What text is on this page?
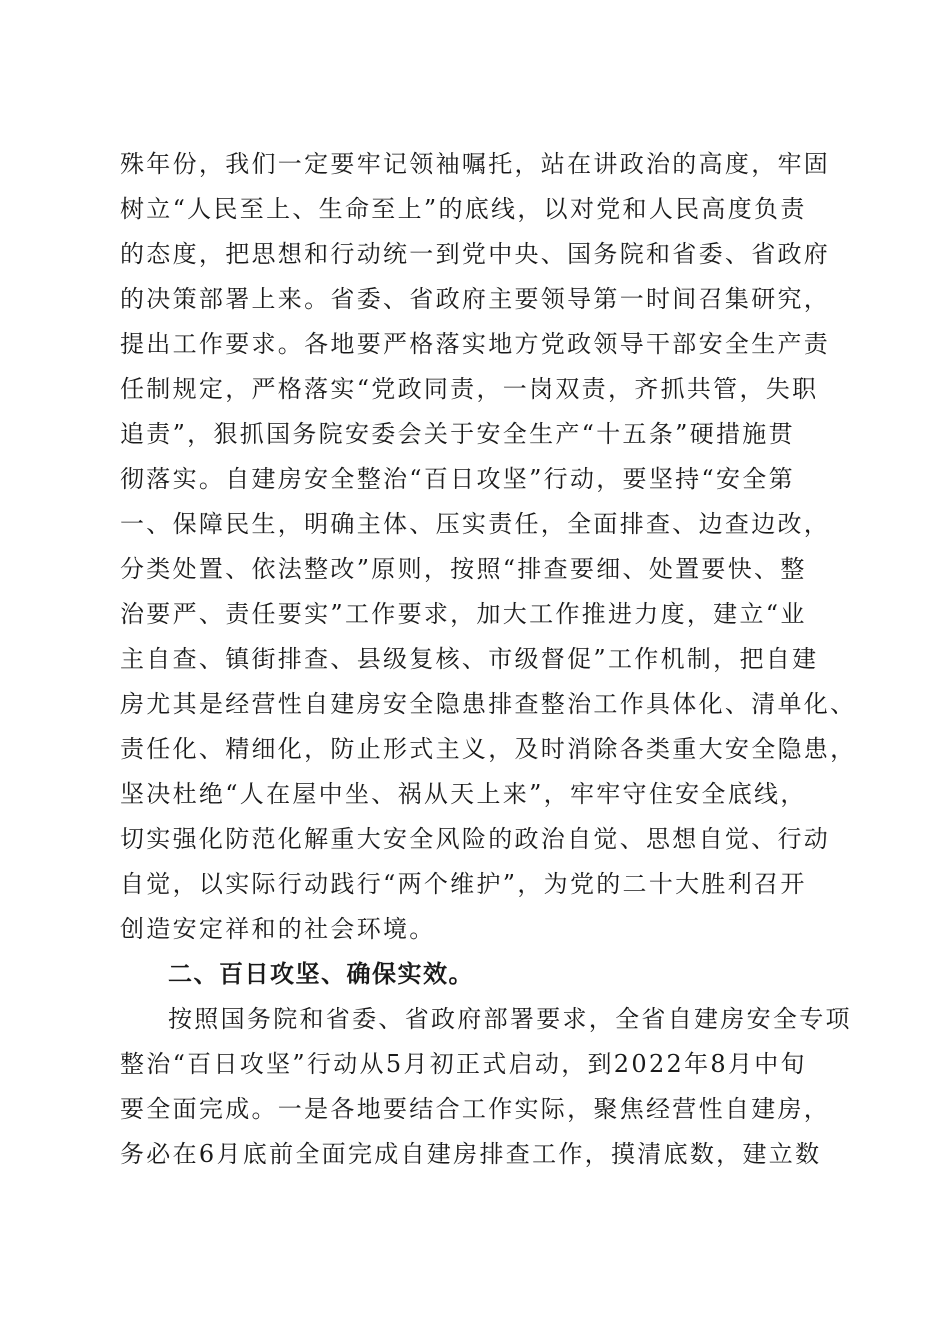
殊年份，我们一定要牢记领袖嘱托，站在讲政治的高度，牢固
树立“人民至上、生命至上”的底线，以对党和人民高度负责
的态度，把思想和行动统一到党中央、国务院和省委、省政府
的决策部署上来。省委、省政府主要领导第一时间召集研究，
提出工作要求。各地要严格落实地方党政领导干部安全生产责
任制规定，严格落实“党政同责，一岗双责，齐抓共管，失职
追责”，狠抓国务院安委会关于安全生产“十五条”硬措施贯
彻落实。自建房安全整治“百日攻坚”行动，要坚持“安全第
一、保障民生，明确主体、压实责任，全面排查、边查边改，
分类处置、依法整改”原则，按照“排查要细、处置要快、整
治要严、责任要实”工作要求，加大工作推进力度，建立“业
主自查、镇街排查、县级复核、市级督促”工作机制，把自建
房尤其是经营性自建房安全隐患排查整治工作具体化、清单化、
责任化、精细化，防止形式主义，及时消除各类重大安全隐患，
坚决杜绝“人在屋中坐、祸从天上来”，牢牢守住安全底线，
切实强化防范化解重大安全风险的政治自觉、思想自觉、行动
自觉，以实际行动践行“两个维护”，为党的二十大胜利召开
创造安定祥和的社会环境。
二、百日攻坚、确保实效。
按照国务院和省委、省政府部署要求，全省自建房安全专项
整治“百日攻坚”行动从5月初正式启动，到2022年8月中旬
要全面完成。一是各地要结合工作实际，聚焦经营性自建房，
务必在6月底前全面完成自建房排查工作，摸清底数，建立数
